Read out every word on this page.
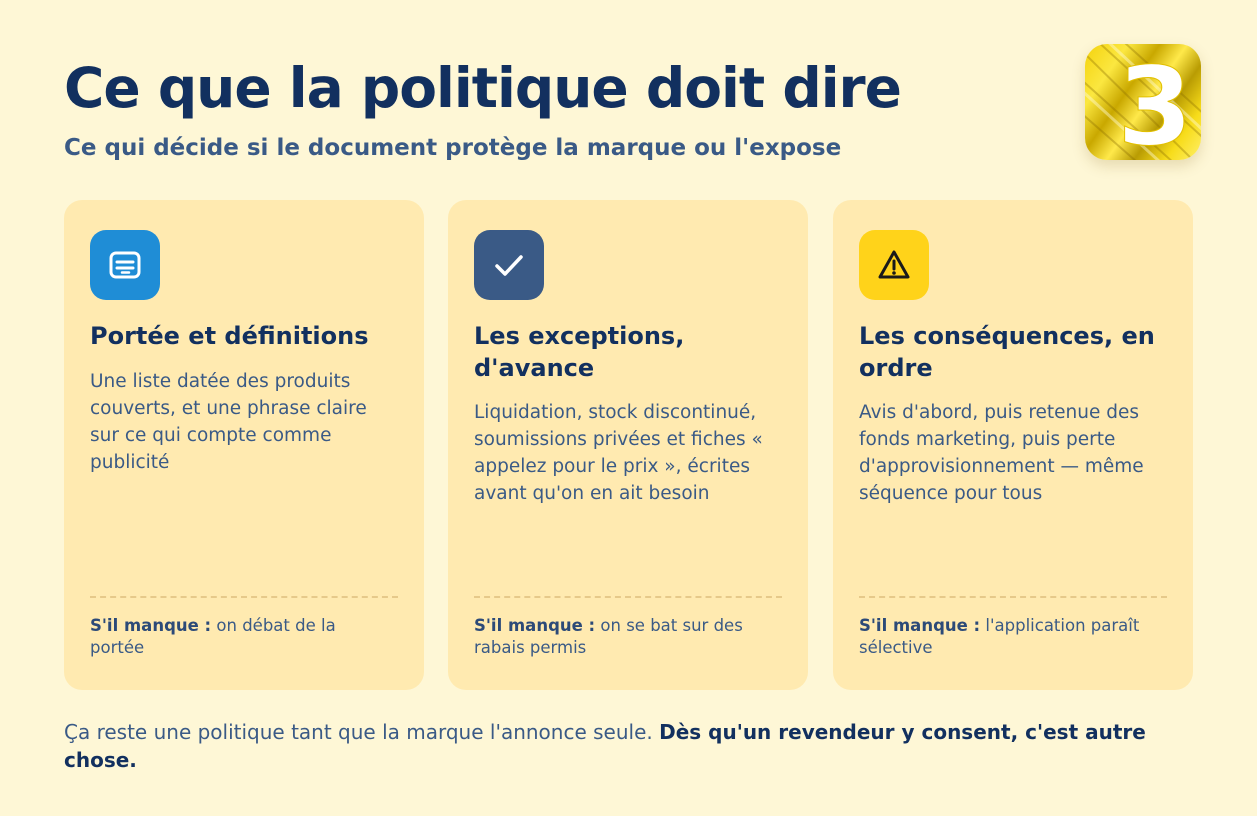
Ce que la politique doit dire

Ce qui décide si le document protège la marque ou l'expose	3
Portée et définitions

Une liste datée des produits couverts, et une phrase claire sur ce qui compte comme publicité

S'il manque : on débat de la portée

Les exceptions, d'avance

Liquidation, stock discontinué, soumissions privées et fiches « appelez pour le prix », écrites avant qu'on en ait besoin

S'il manque : on se bat sur des rabais permis

Les conséquences, en ordre

Avis d'abord, puis retenue des fonds marketing, puis perte d'approvisionnement — même séquence pour tous

S'il manque : l'application paraît sélective

Ça reste une politique tant que la marque l'annonce seule. Dès qu'un revendeur y consent, c'est autre chose.
